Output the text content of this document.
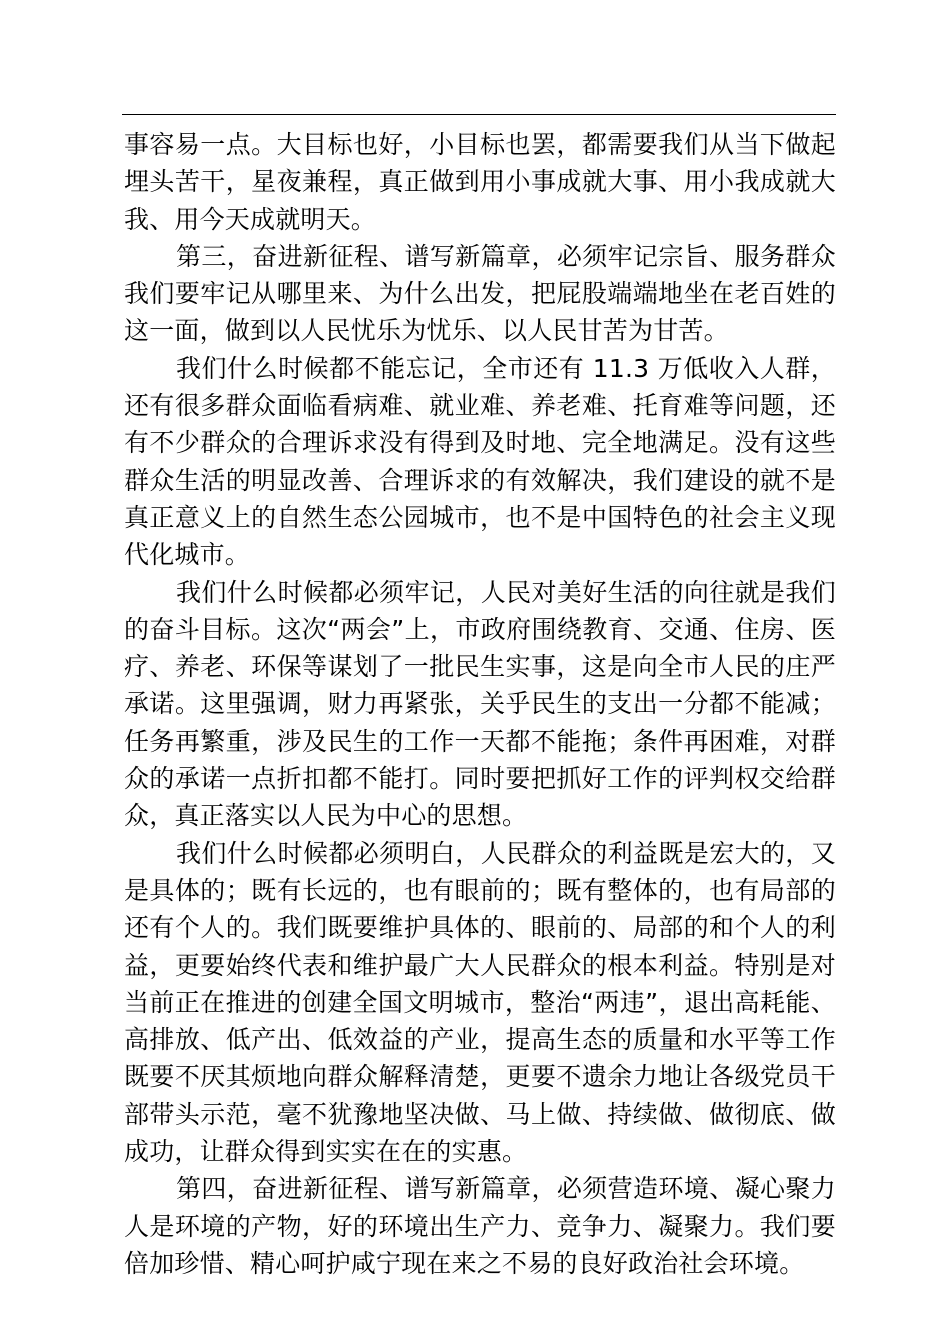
事容易一点。大目标也好，小目标也罢，都需要我们从当下做起埋头苦干，星夜兼程，真正做到用小事成就大事、用小我成就大我、用今天成就明天。

第三，奋进新征程、谱写新篇章，必须牢记宗旨、服务群众我们要牢记从哪里来、为什么出发，把屁股端端地坐在老百姓的这一面，做到以人民忧乐为忧乐、以人民甘苦为甘苦。

我们什么时候都不能忘记，全市还有 11.3 万低收入人群，还有很多群众面临看病难、就业难、养老难、托育难等问题，还有不少群众的合理诉求没有得到及时地、完全地满足。没有这些群众生活的明显改善、合理诉求的有效解决，我们建设的就不是真正意义上的自然生态公园城市，也不是中国特色的社会主义现代化城市。

我们什么时候都必须牢记，人民对美好生活的向往就是我们的奋斗目标。这次“两会”上，市政府围绕教育、交通、住房、医疗、养老、环保等谋划了一批民生实事，这是向全市人民的庄严承诺。这里强调，财力再紧张，关乎民生的支出一分都不能减；任务再繁重，涉及民生的工作一天都不能拖；条件再困难，对群众的承诺一点折扣都不能打。同时要把抓好工作的评判权交给群众，真正落实以人民为中心的思想。

我们什么时候都必须明白，人民群众的利益既是宏大的，又是具体的；既有长远的，也有眼前的；既有整体的，也有局部的还有个人的。我们既要维护具体的、眼前的、局部的和个人的利益，更要始终代表和维护最广大人民群众的根本利益。特别是对当前正在推进的创建全国文明城市，整治“两违”，退出高耗能、高排放、低产出、低效益的产业，提高生态的质量和水平等工作既要不厌其烦地向群众解释清楚，更要不遗余力地让各级党员干部带头示范，毫不犹豫地坚决做、马上做、持续做、做彻底、做成功，让群众得到实实在在的实惠。

第四，奋进新征程、谱写新篇章，必须营造环境、凝心聚力人是环境的产物，好的环境出生产力、竞争力、凝聚力。我们要倍加珍惜、精心呵护咸宁现在来之不易的良好政治社会环境。
